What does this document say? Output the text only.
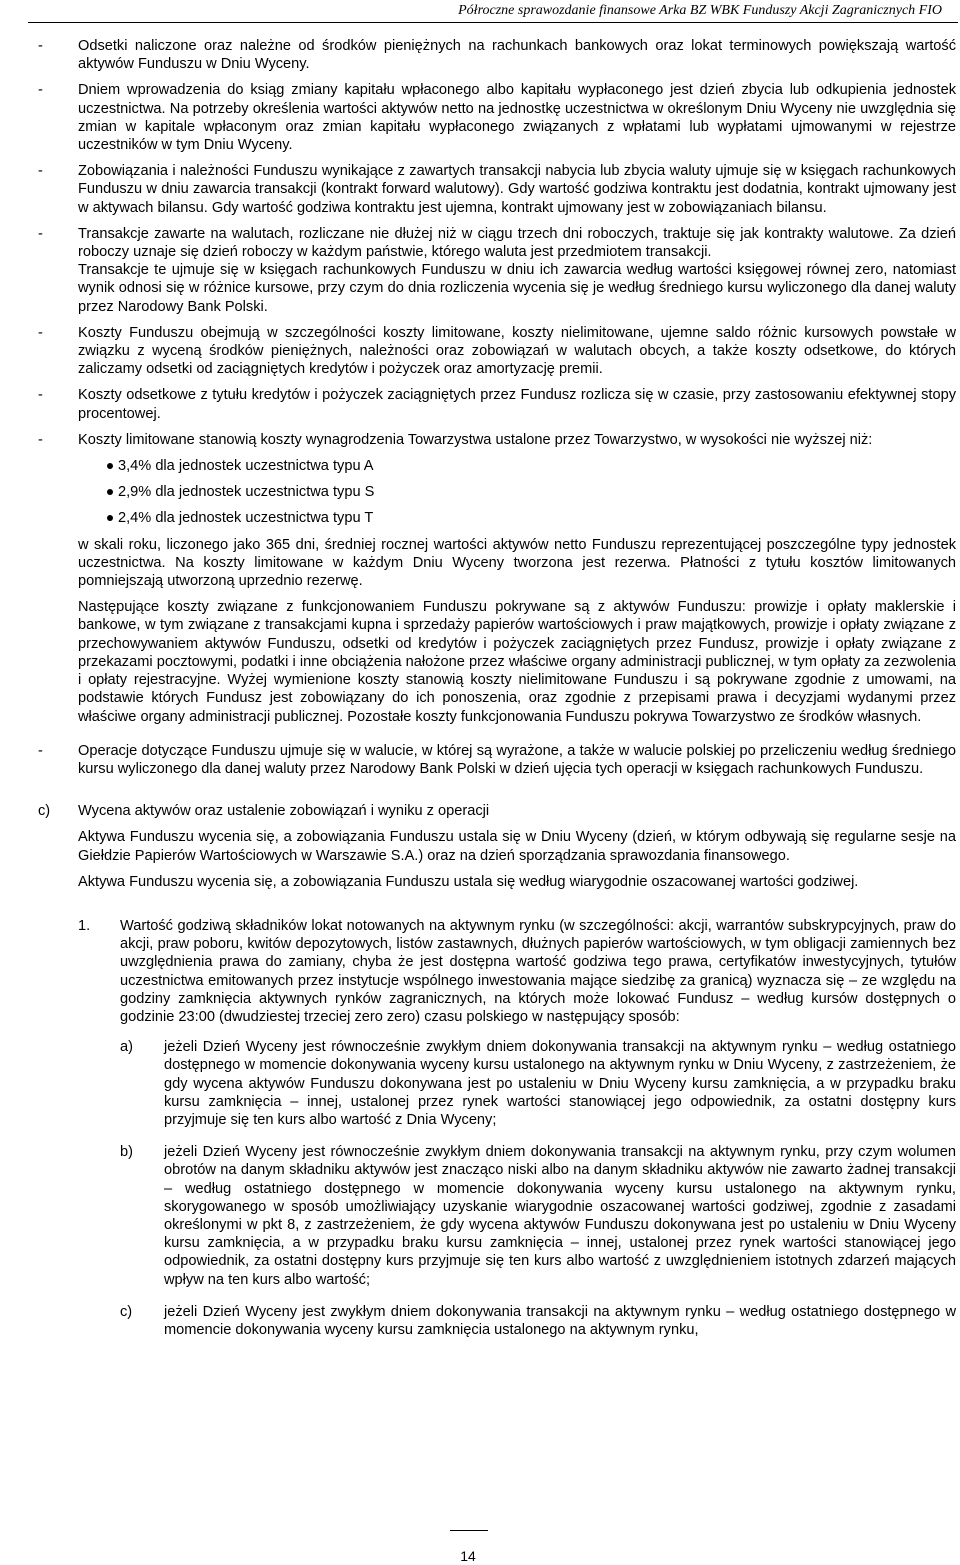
Półroczne sprawozdanie finansowe Arka BZ WBK Funduszy Akcji Zagranicznych FIO
- Odsetki naliczone oraz należne od środków pieniężnych na rachunkach bankowych oraz lokat terminowych powiększają wartość aktywów Funduszu w Dniu Wyceny.

- Dniem wprowadzenia do ksiąg zmiany kapitału wpłaconego albo kapitału wypłaconego jest dzień zbycia lub odkupienia jednostek uczestnictwa. Na potrzeby określenia wartości aktywów netto na jednostkę uczestnictwa w określonym Dniu Wyceny nie uwzględnia się zmian w kapitale wpłaconym oraz zmian kapitału wypłaconego związanych z wpłatami lub wypłatami ujmowanymi w rejestrze uczestników w tym Dniu Wyceny.

- Zobowiązania i należności Funduszu wynikające z zawartych transakcji nabycia lub zbycia waluty ujmuje się w księgach rachunkowych Funduszu w dniu zawarcia transakcji (kontrakt forward walutowy). Gdy wartość godziwa kontraktu jest dodatnia, kontrakt ujmowany jest w aktywach bilansu. Gdy wartość godziwa kontraktu jest ujemna, kontrakt ujmowany jest w zobowiązaniach bilansu.

- Transakcje zawarte na walutach, rozliczane nie dłużej niż w ciągu trzech dni roboczych, traktuje się jak kontrakty walutowe. Za dzień roboczy uznaje się dzień roboczy w każdym państwie, którego waluta jest przedmiotem transakcji.

Transakcje te ujmuje się w księgach rachunkowych Funduszu w dniu ich zawarcia według wartości księgowej równej zero, natomiast wynik odnosi się w różnice kursowe, przy czym do dnia rozliczenia wycenia się je według średniego kursu wyliczonego dla danej waluty przez Narodowy Bank Polski.

- Koszty Funduszu obejmują w szczególności koszty limitowane, koszty nielimitowane, ujemne saldo różnic kursowych powstałe w związku z wyceną środków pieniężnych, należności oraz zobowiązań w walutach obcych, a także koszty odsetkowe, do których zaliczamy odsetki od zaciągniętych kredytów i pożyczek oraz amortyzację premii.

- Koszty odsetkowe z tytułu kredytów i pożyczek zaciągniętych przez Fundusz rozlicza się w czasie, przy zastosowaniu efektywnej stopy procentowej.

- Koszty limitowane stanowią koszty wynagrodzenia Towarzystwa ustalone przez Towarzystwo, w wysokości nie wyższej niż:

3,4% dla jednostek uczestnictwa typu A
2,9% dla jednostek uczestnictwa typu S
2,4% dla jednostek uczestnictwa typu T

w skali roku, liczonego jako 365 dni, średniej rocznej wartości aktywów netto Funduszu reprezentującej poszczególne typy jednostek uczestnictwa. Na koszty limitowane w każdym Dniu Wyceny tworzona jest rezerwa. Płatności z tytułu kosztów limitowanych pomniejszają utworzoną uprzednio rezerwę.

Następujące koszty związane z funkcjonowaniem Funduszu pokrywane są z aktywów Funduszu: prowizje i opłaty maklerskie i bankowe, w tym związane z transakcjami kupna i sprzedaży papierów wartościowych i praw majątkowych, prowizje i opłaty związane z przechowywaniem aktywów Funduszu, odsetki od kredytów i pożyczek zaciągniętych przez Fundusz, prowizje i opłaty związane z przekazami pocztowymi, podatki i inne obciążenia nałożone przez właściwe organy administracji publicznej, w tym opłaty za zezwolenia i opłaty rejestracyjne. Wyżej wymienione koszty stanowią koszty nielimitowane Funduszu i są pokrywane zgodnie z umowami, na podstawie których Fundusz jest zobowiązany do ich ponoszenia, oraz zgodnie z przepisami prawa i decyzjami wydanymi przez właściwe organy administracji publicznej. Pozostałe koszty funkcjonowania Funduszu pokrywa Towarzystwo ze środków własnych.

- Operacje dotyczące Funduszu ujmuje się w walucie, w której są wyrażone, a także w walucie polskiej po przeliczeniu według średniego kursu wyliczonego dla danej waluty przez Narodowy Bank Polski w dzień ujęcia tych operacji w księgach rachunkowych Funduszu.

c)	Wycena aktywów oraz ustalenie zobowiązań i wyniku z operacji

Aktywa Funduszu wycenia się, a zobowiązania Funduszu ustala się w Dniu Wyceny (dzień, w którym odbywają się regularne sesje na Giełdzie Papierów Wartościowych w Warszawie S.A.) oraz na dzień sporządzania sprawozdania finansowego.

Aktywa Funduszu wycenia się, a zobowiązania Funduszu ustala się według wiarygodnie oszacowanej wartości godziwej.

1. Wartość godziwą składników lokat notowanych na aktywnym rynku (w szczególności: akcji, warrantów subskrypcyjnych, praw do akcji, praw poboru, kwitów depozytowych, listów zastawnych, dłużnych papierów wartościowych, w tym obligacji zamiennych bez uwzględnienia prawa do zamiany, chyba że jest dostępna wartość godziwa tego prawa, certyfikatów inwestycyjnych, tytułów uczestnictwa emitowanych przez instytucje wspólnego inwestowania mające siedzibę za granicą) wyznacza się – ze względu na godziny zamknięcia aktywnych rynków zagranicznych, na których może lokować Fundusz – według kursów dostępnych o godzinie 23:00 (dwudziestej trzeciej zero zero) czasu polskiego w następujący sposób:

a) jeżeli Dzień Wyceny jest równocześnie zwykłym dniem dokonywania transakcji na aktywnym rynku – według ostatniego dostępnego w momencie dokonywania wyceny kursu ustalonego na aktywnym rynku w Dniu Wyceny, z zastrzeżeniem, że gdy wycena aktywów Funduszu dokonywana jest po ustaleniu w Dniu Wyceny kursu zamknięcia, a w przypadku braku kursu zamknięcia – innej, ustalonej przez rynek wartości stanowiącej jego odpowiednik, za ostatni dostępny kurs przyjmuje się ten kurs albo wartość z Dnia Wyceny;

b) jeżeli Dzień Wyceny jest równocześnie zwykłym dniem dokonywania transakcji na aktywnym rynku, przy czym wolumen obrotów na danym składniku aktywów jest znacząco niski albo na danym składniku aktywów nie zawarto żadnej transakcji – według ostatniego dostępnego w momencie dokonywania wyceny kursu ustalonego na aktywnym rynku, skorygowanego w sposób umożliwiający uzyskanie wiarygodnie oszacowanej wartości godziwej, zgodnie z zasadami określonymi w pkt 8, z zastrzeżeniem, że gdy wycena aktywów Funduszu dokonywana jest po ustaleniu w Dniu Wyceny kursu zamknięcia, a w przypadku braku kursu zamknięcia – innej, ustalonej przez rynek wartości stanowiącej jego odpowiednik, za ostatni dostępny kurs przyjmuje się ten kurs albo wartość z uwzględnieniem istotnych zdarzeń mających wpływ na ten kurs albo wartość;

c) jeżeli Dzień Wyceny jest zwykłym dniem dokonywania transakcji na aktywnym rynku – według ostatniego dostępnego w momencie dokonywania wyceny kursu zamknięcia ustalonego na aktywnym rynku,

14
